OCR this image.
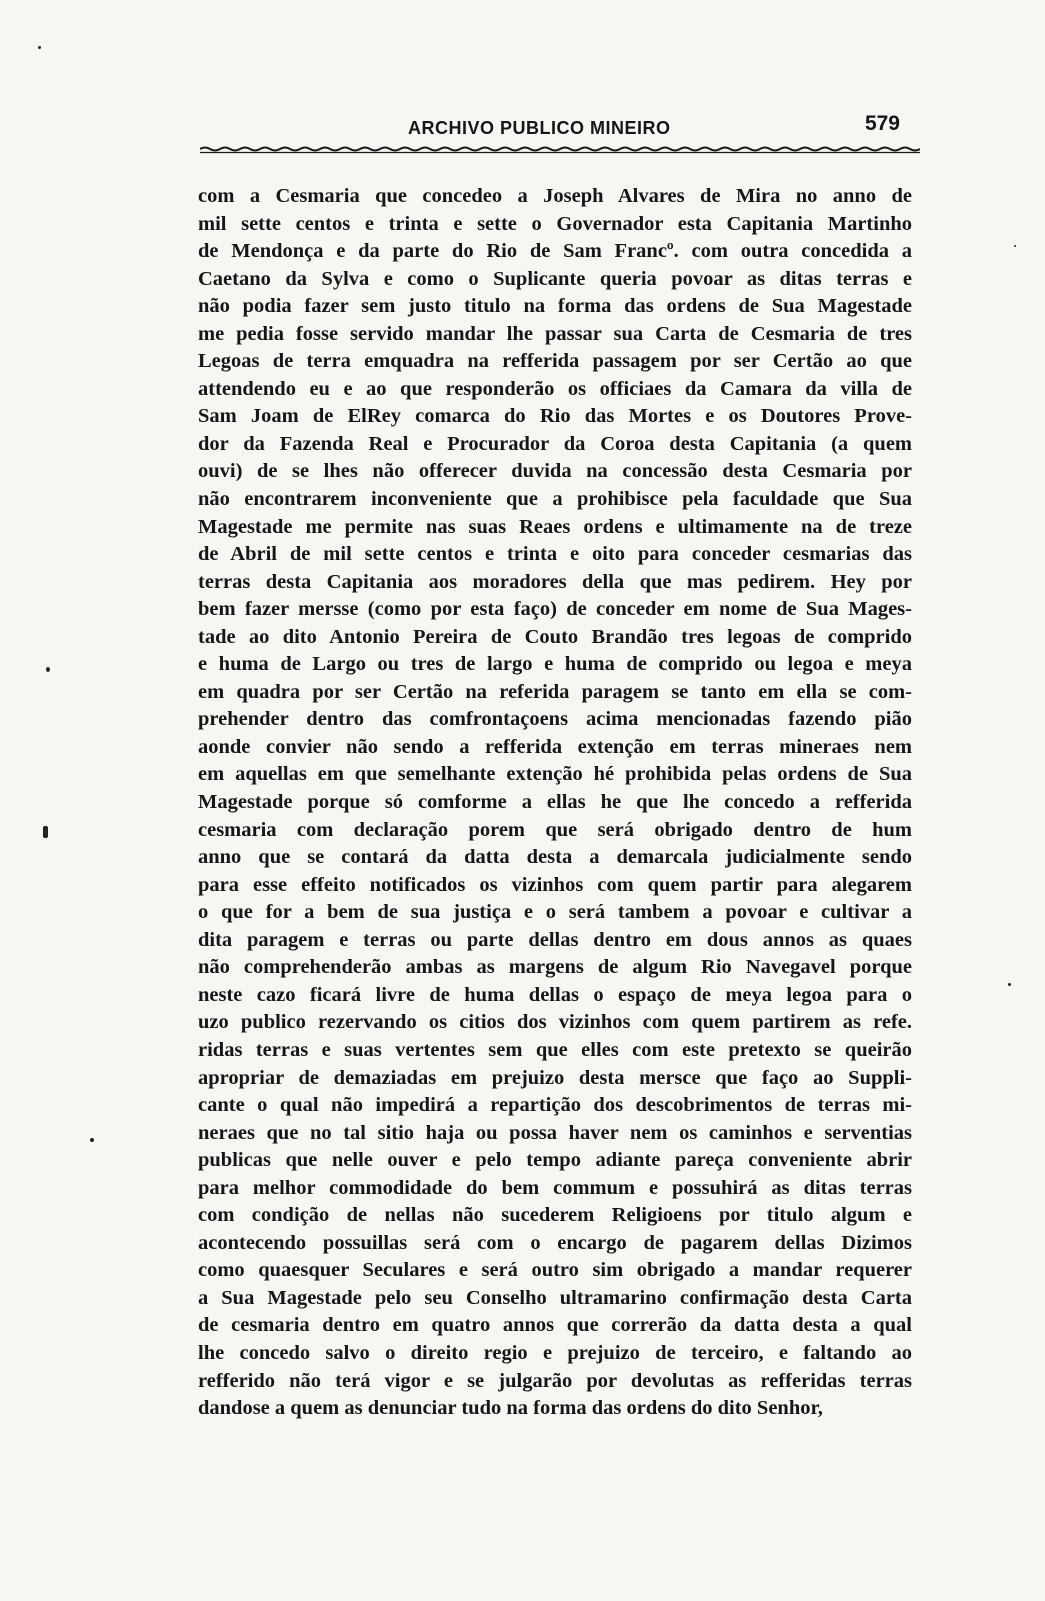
ARCHIVO PUBLICO MINEIRO	579
com a Cesmaria que concedeo a Joseph Alvares de Mira no anno de
mil sette centos e trinta e sette o Governador esta Capitania Martinho
de Mendonça e da parte do Rio de Sam Francº. com outra concedida a
Caetano da Sylva e como o Suplicante queria povoar as ditas terras e
não podia fazer sem justo titulo na forma das ordens de Sua Magestade
me pedia fosse servido mandar lhe passar sua Carta de Cesmaria de tres
Legoas de terra emquadra na refferida passagem por ser Certão ao que
attendendo eu e ao que responderão os officiaes da Camara da villa de
Sam Joam de ElRey comarca do Rio das Mortes e os Doutores Prove-
dor da Fazenda Real e Procurador da Coroa desta Capitania (a quem
ouvi) de se lhes não offerecer duvida na concessão desta Cesmaria por
não encontrarem inconveniente que a prohibisce pela faculdade que Sua
Magestade me permite nas suas Reaes ordens e ultimamente na de treze
de Abril de mil sette centos e trinta e oito para conceder cesmarias das
terras desta Capitania aos moradores della que mas pedirem. Hey por
bem fazer mersse (como por esta faço) de conceder em nome de Sua Mages-
tade ao dito Antonio Pereira de Couto Brandão tres legoas de comprido
e huma de Largo ou tres de largo e huma de comprido ou legoa e meya
em quadra por ser Certão na referida paragem se tanto em ella se com-
prehender dentro das comfrontaçoens acima mencionadas fazendo pião
aonde convier não sendo a refferida extenção em terras mineraes nem
em aquellas em que semelhante extenção hé prohibida pelas ordens de Sua
Magestade porque só comforme a ellas he que lhe concedo a refferida
cesmaria com declaração porem que será obrigado dentro de hum
anno que se contará da datta desta a demarcala judicialmente sendo
para esse effeito notificados os vizinhos com quem partir para alegarem
o que for a bem de sua justiça e o será tambem a povoar e cultivar a
dita paragem e terras ou parte dellas dentro em dous annos as quaes
não comprehenderão ambas as margens de algum Rio Navegavel porque
neste cazo ficará livre de huma dellas o espaço de meya legoa para o
uzo publico rezervando os citios dos vizinhos com quem partirem as refe.
ridas terras e suas vertentes sem que elles com este pretexto se queirão
apropriar de demaziadas em prejuizo desta mersce que faço ao Suppli-
cante o qual não impedirá a repartição dos descobrimentos de terras mi-
neraes que no tal sitio haja ou possa haver nem os caminhos e serventias
publicas que nelle ouver e pelo tempo adiante pareça conveniente abrir
para melhor commodidade do bem commum e possuhirá as ditas terras
com condição de nellas não sucederem Religioens por titulo algum e
acontecendo possuillas será com o encargo de pagarem dellas Dizimos
como quaesquer Seculares e será outro sim obrigado a mandar requerer
a Sua Magestade pelo seu Conselho ultramarino confirmação desta Carta
de cesmaria dentro em quatro annos que correrão da datta desta a qual
lhe concedo salvo o direito regio e prejuizo de terceiro, e faltando ao
refferido não terá vigor e se julgarão por devolutas as refferidas terras
dandose a quem as denunciar tudo na forma das ordens do dito Senhor,
